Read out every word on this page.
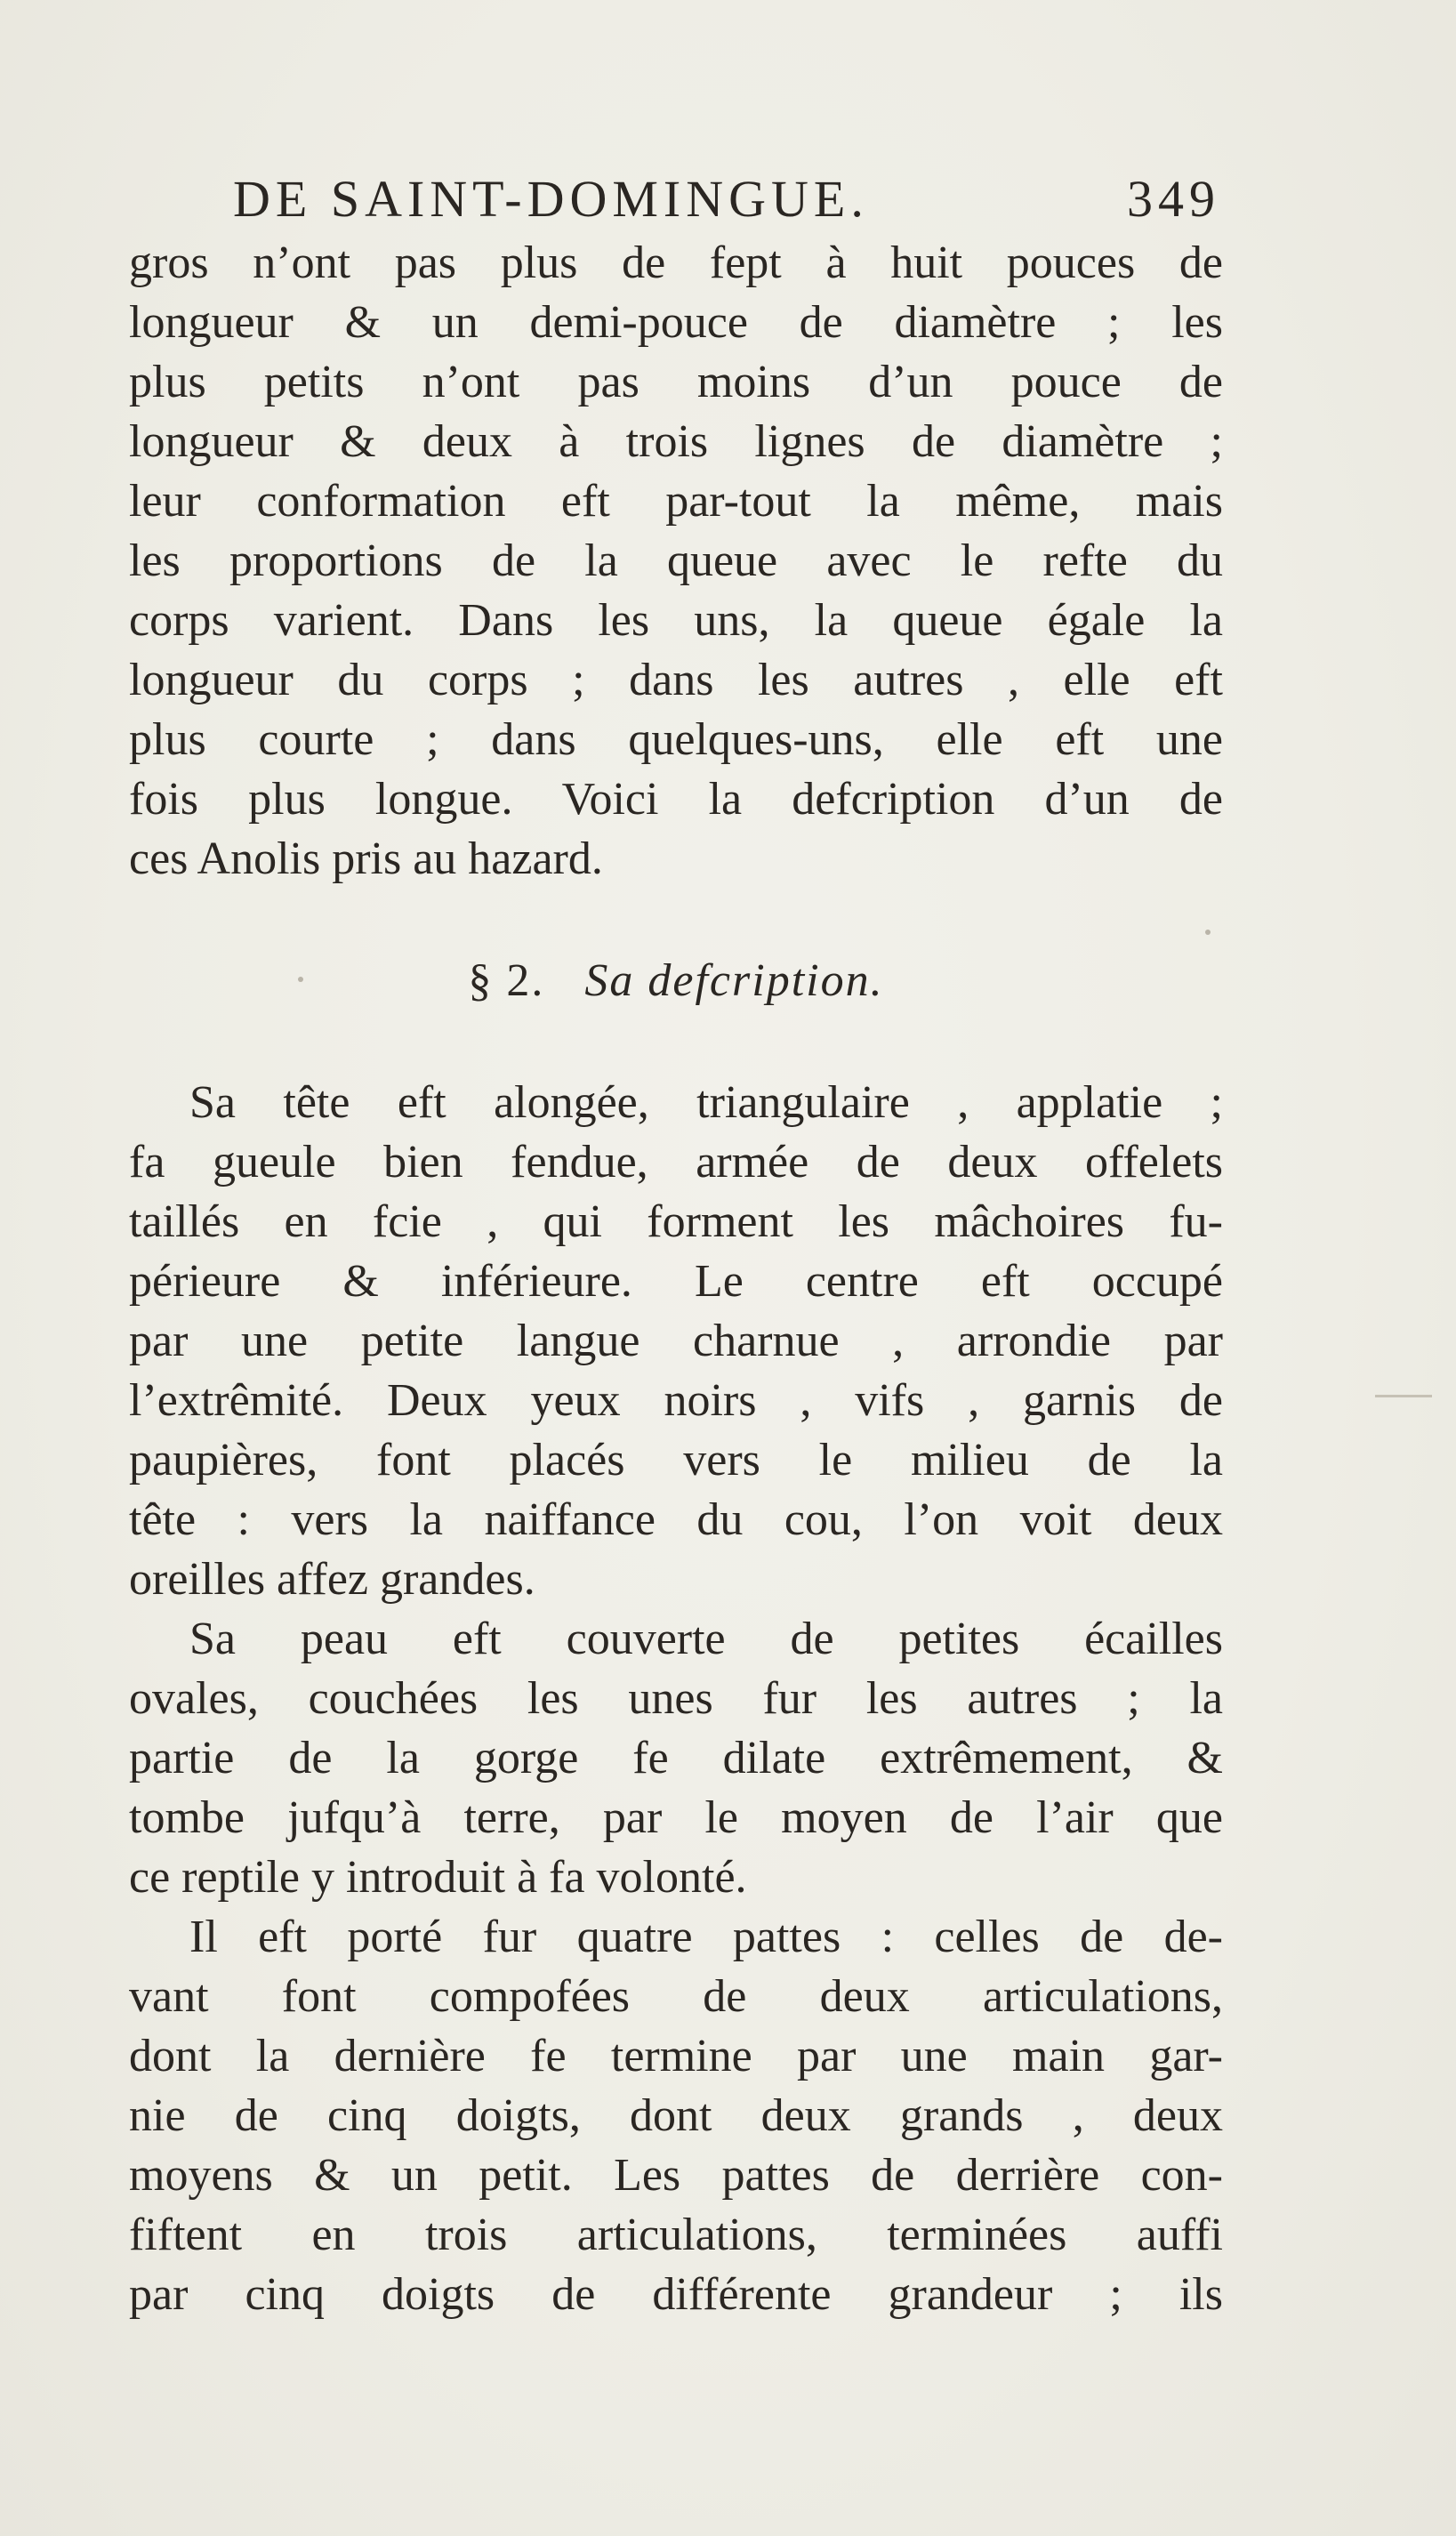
DE SAINT-DOMINGUE.	349
gros n’ont pas plus de fept à huit pouces de
longueur & un demi-pouce de diamètre ; les
plus petits n’ont pas moins d’un pouce de
longueur & deux à trois lignes de diamètre ;
leur conformation eft par-tout la même, mais
les proportions de la queue avec le refte du
corps varient. Dans les uns, la queue égale la
longueur du corps ; dans les autres , elle eft
plus courte ; dans quelques-uns, elle eft une
fois plus longue. Voici la defcription d’un de
ces Anolis pris au hazard.
§ 2. Sa defcription.
Sa tête eft alongée, triangulaire , applatie ;
fa gueule bien fendue, armée de deux offelets
taillés en fcie , qui forment les mâchoires fu-
périeure & inférieure. Le centre eft occupé
par une petite langue charnue , arrondie par
l’extrêmité. Deux yeux noirs , vifs , garnis de
paupières, font placés vers le milieu de la
tête : vers la naiffance du cou, l’on voit deux
oreilles affez grandes.
Sa peau eft couverte de petites écailles
ovales, couchées les unes fur les autres ; la
partie de la gorge fe dilate extrêmement, &
tombe jufqu’à terre, par le moyen de l’air que
ce reptile y introduit à fa volonté.
Il eft porté fur quatre pattes : celles de de-
vant font compofées de deux articulations,
dont la dernière fe termine par une main gar-
nie de cinq doigts, dont deux grands , deux
moyens & un petit. Les pattes de derrière con-
fiftent en trois articulations, terminées auffi
par cinq doigts de différente grandeur ; ils
